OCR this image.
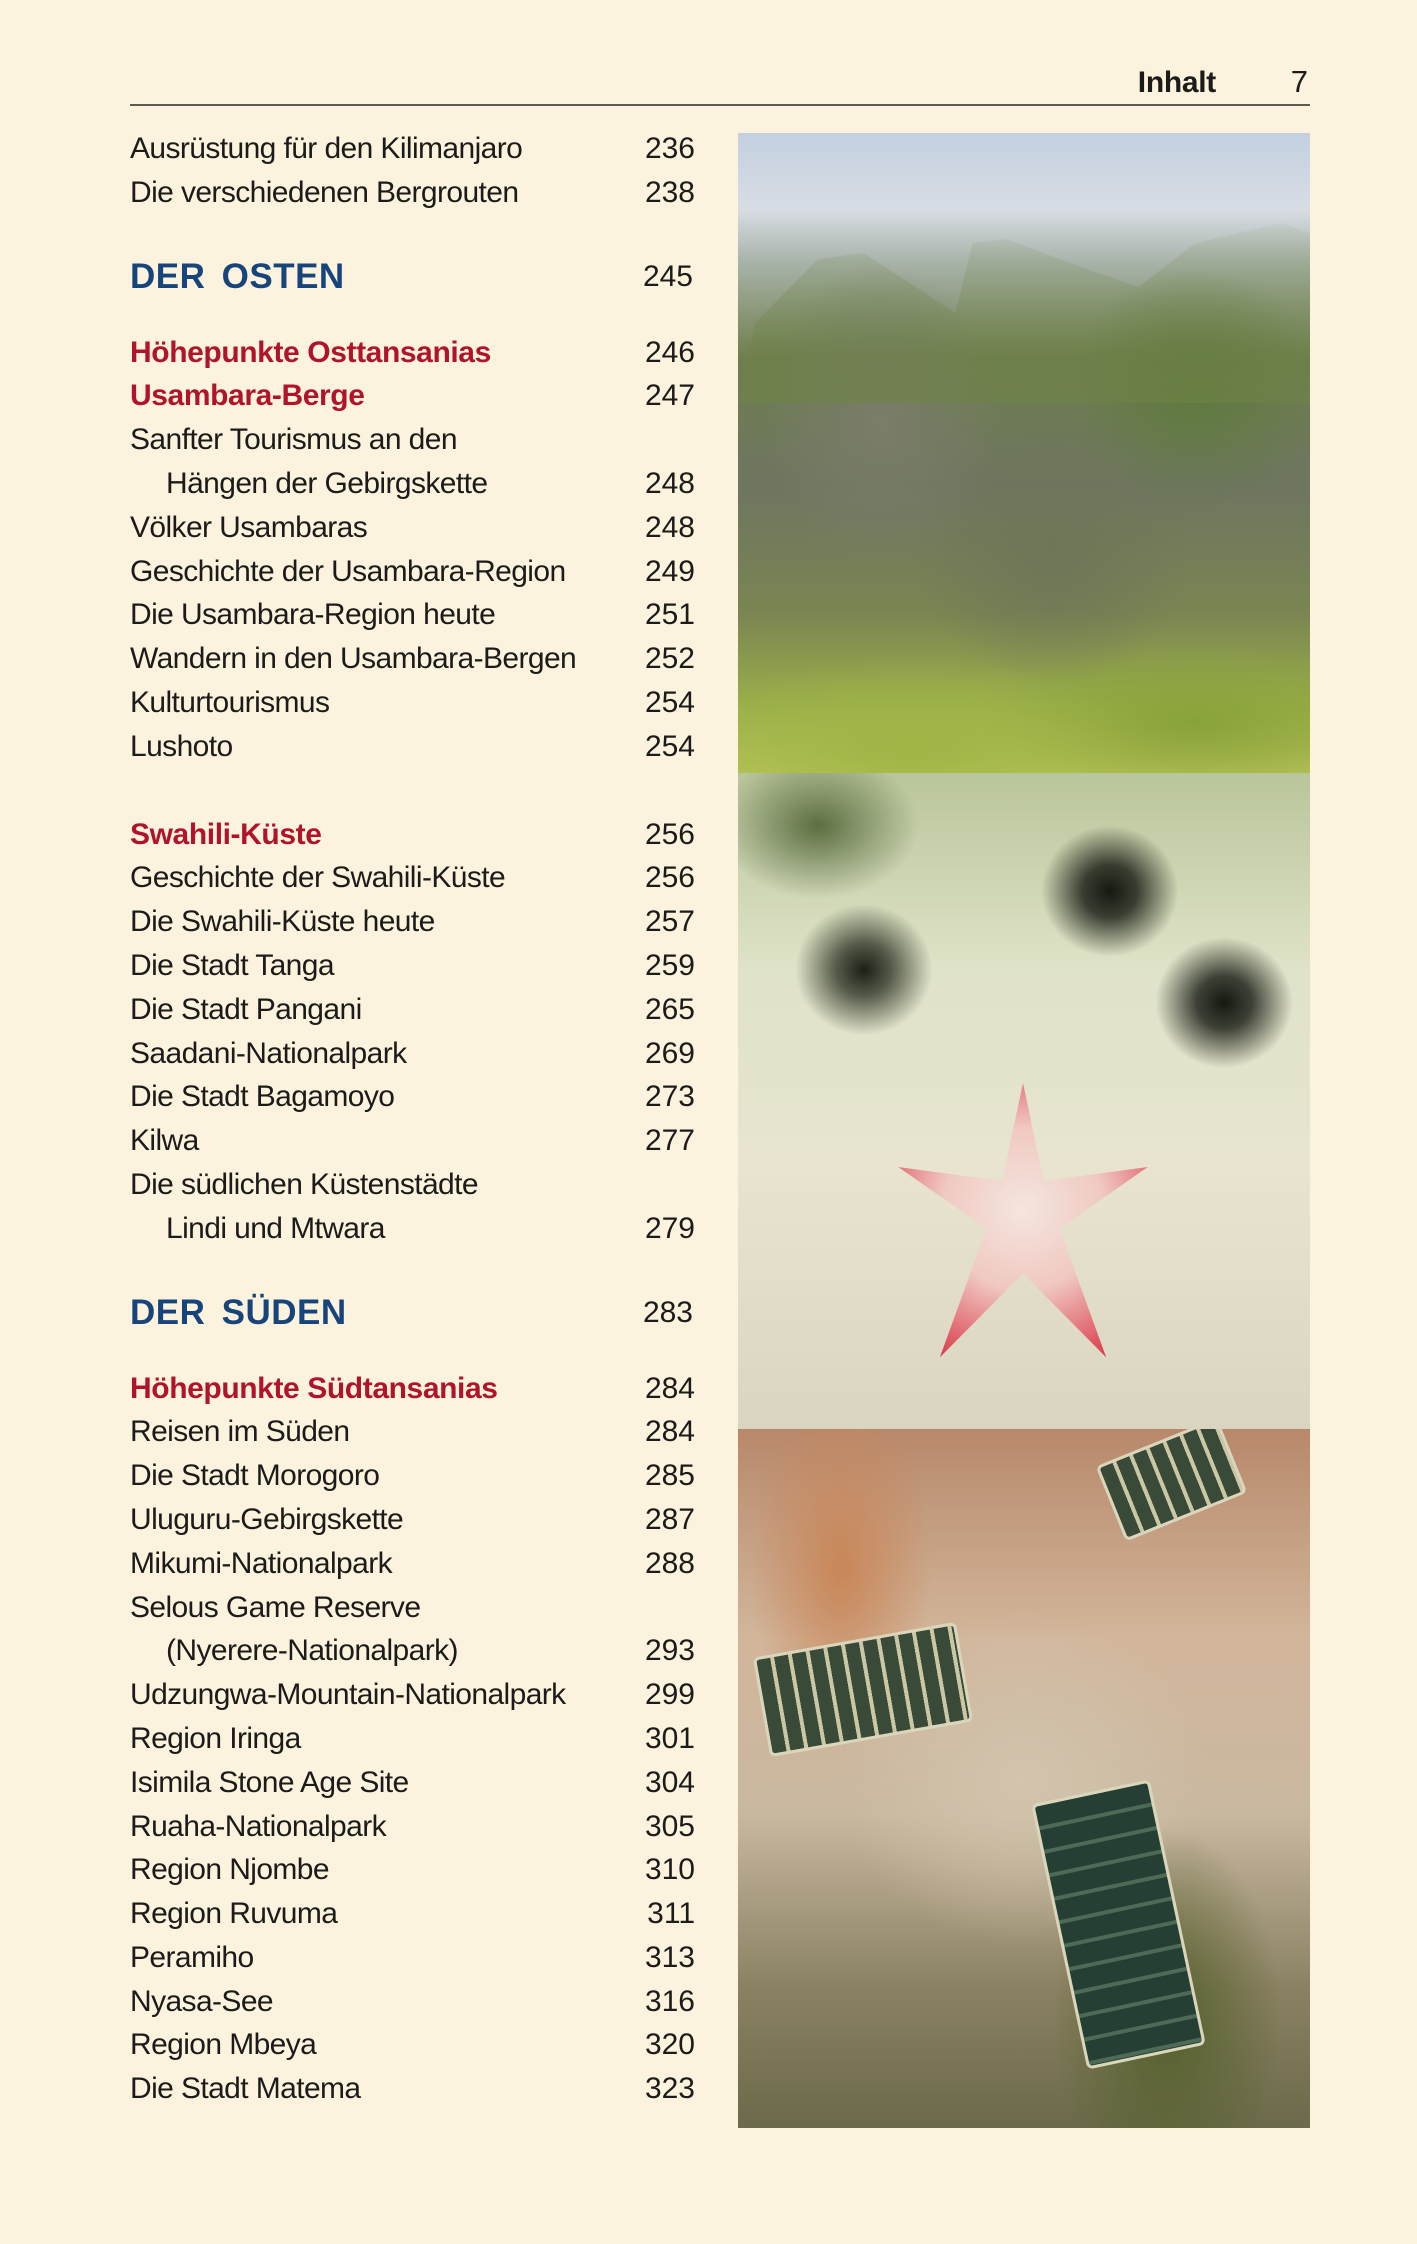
Inhalt 7
Ausrüstung für den Kilimanjaro	236
Die verschiedenen Bergrouten	238
DER OSTEN	245
Höhepunkte Osttansanias	246
Usambara-Berge	247
Sanfter Tourismus an den
Hängen der Gebirgskette	248
Völker Usambaras	248
Geschichte der Usambara-Region	249
Die Usambara-Region heute	251
Wandern in den Usambara-Bergen 252
Kulturtourismus	254
Lushoto	254
Swahili-Küste	256
Geschichte der Swahili-Küste	256
Die Swahili-Küste heute	257
Die Stadt Tanga	259
Die Stadt Pangani	265
Saadani-Nationalpark	269
Die Stadt Bagamoyo	273
Kilwa	277
Die südlichen Küstenstädte
Lindi und Mtwara	279
DER SÜDEN	283
Höhepunkte Südtansanias	284
Reisen im Süden	284
Die Stadt Morogoro	285
Uluguru-Gebirgskette	287
Mikumi-Nationalpark	288
Selous Game Reserve
(Nyerere-Nationalpark)	293
Udzungwa-Mountain-Nationalpark	299
Region Iringa	301
Isimila Stone Age Site	304
Ruaha-Nationalpark	305
Region Njombe	310
Region Ruvuma	311
Peramiho	313
Nyasa-See	316
Region Mbeya	320
Die Stadt Matema	323
